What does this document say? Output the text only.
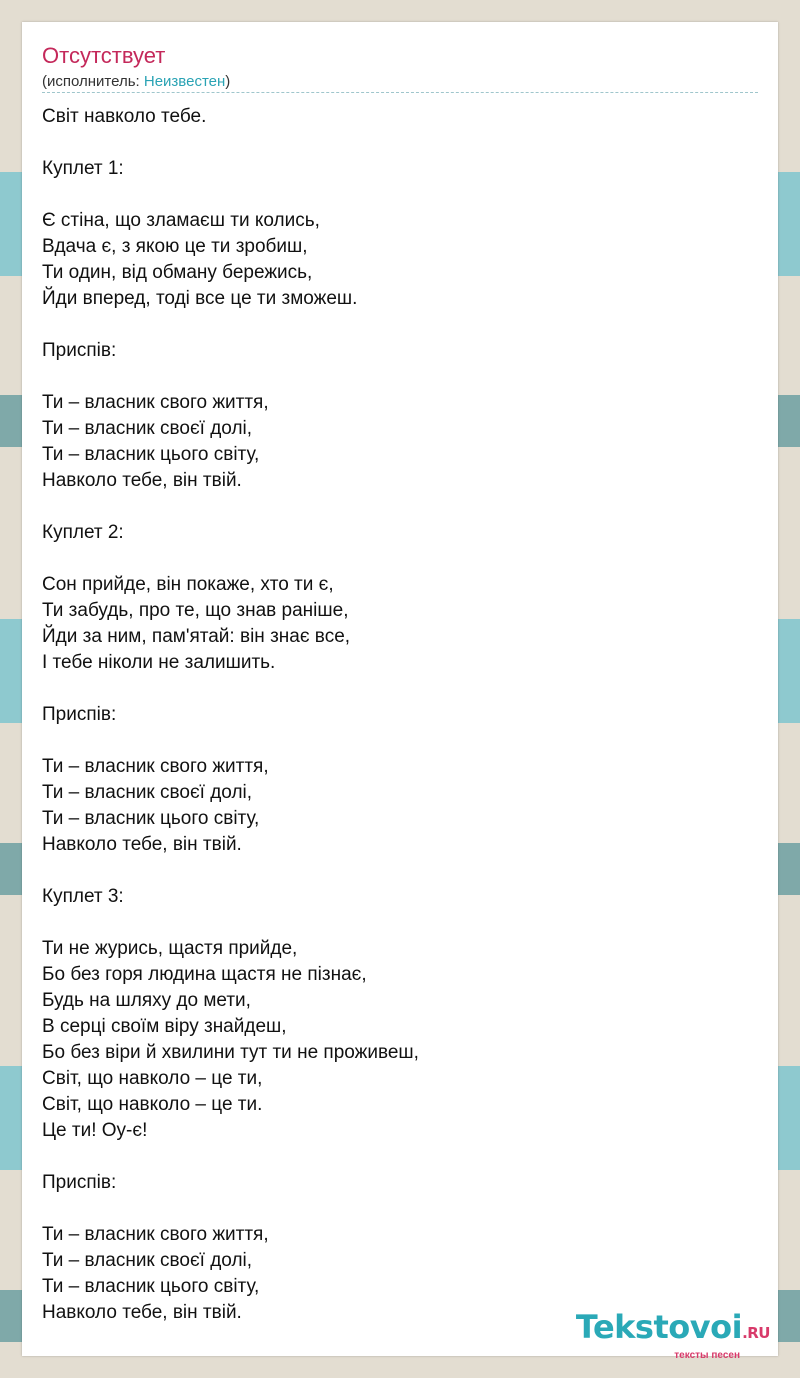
Отсутствует
(исполнитель: Неизвестен)
Світ навколо тебе.
Куплет 1:
Є стіна, що зламаєш ти колись,
Вдача є, з якою це ти зробиш,
Ти один, від обману бережись,
Йди вперед, тоді все це ти зможеш.
Приспів:
Ти – власник свого життя,
Ти – власник своєї долі,
Ти – власник цього світу,
Навколо тебе, він твій.
Куплет 2:
Сон прийде, він покаже, хто ти є,
Ти забудь, про те, що знав раніше,
Йди за ним, пам'ятай: він знає все,
І тебе ніколи не залишить.
Приспів:
Ти – власник свого життя,
Ти – власник своєї долі,
Ти – власник цього світу,
Навколо тебе, він твій.
Куплет 3:
Ти не журись, щастя прийде,
Бо без горя людина щастя не пізнає,
Будь на шляху до мети,
В серці своїм віру знайдеш,
Бо без віри й хвилини тут ти не проживеш,
Світ, що навколо – це ти,
Світ, що навколо – це ти.
Це ти! Оу-є!
Приспів:
Ти – власник свого життя,
Ти – власник своєї долі,
Ти – власник цього світу,
Навколо тебе, він твій.	Tekstovoi.RU
тексты песен
